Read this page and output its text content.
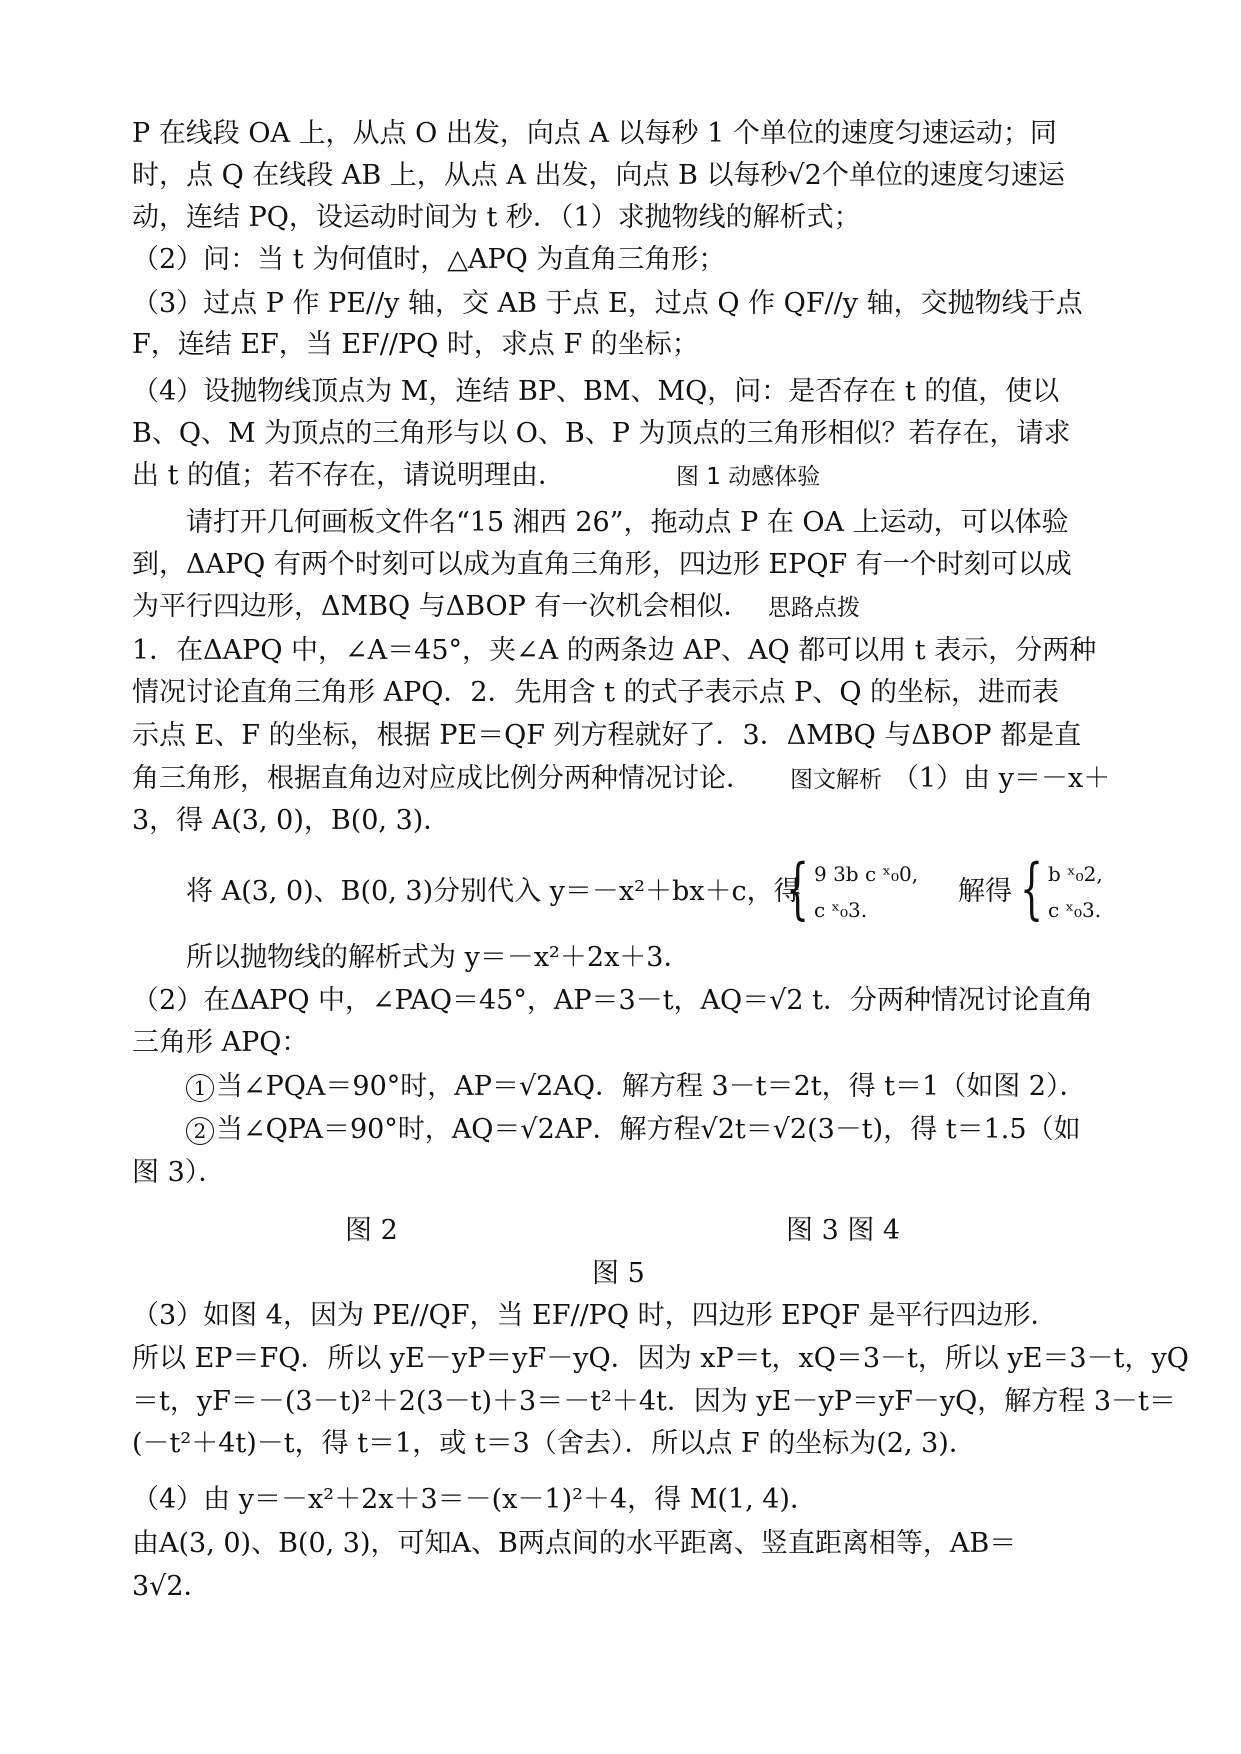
P 在线段 OA 上，从点 O 出发，向点 A 以每秒 1 个单位的速度匀速运动；同
时，点 Q 在线段 AB 上，从点 A 出发，向点 B 以每秒√2个单位的速度匀速运
动，连结 PQ，设运动时间为 t 秒．（1）求抛物线的解析式；
（2）问：当 t 为何值时，△APQ 为直角三角形；
（3）过点 P 作 PE//y 轴，交 AB 于点 E，过点 Q 作 QF//y 轴，交抛物线于点
F，连结 EF，当 EF//PQ 时，求点 F 的坐标；
（4）设抛物线顶点为 M，连结 BP、BM、MQ，问：是否存在 t 的值，使以
B、Q、M 为顶点的三角形与以 O、B、P 为顶点的三角形相似？若存在，请求
出 t 的值；若不存在，请说明理由．	图 1 动感体验
请打开几何画板文件名“15 湘西 26”，拖动点 P 在 OA 上运动，可以体验
到，ΔAPQ 有两个时刻可以成为直角三角形，四边形 EPQF 有一个时刻可以成
为平行四边形，ΔMBQ 与ΔBOP 有一次机会相似． 思路点拨
1．在ΔAPQ 中，∠A＝45°，夹∠A 的两条边 AP、AQ 都可以用 t 表示，分两种
情况讨论直角三角形 APQ．2．先用含 t 的式子表示点 P、Q 的坐标，进而表
示点 E、F 的坐标，根据 PE＝QF 列方程就好了．3．ΔMBQ 与ΔBOP 都是直
角三角形，根据直角边对应成比例分两种情况讨论． 图文解析 （1）由 y＝－x＋
3，得 A(3, 0)，B(0, 3)．
将 A(3, 0)、B(0, 3)分别代入 y＝－x²＋bx＋c，得
{ 9 3b c ˣ₀0,
c ˣ₀3.
解得 { b ˣ₀2,
c ˣ₀3.
所以抛物线的解析式为 y＝－x²＋2x＋3．
（2）在ΔAPQ 中，∠PAQ＝45°，AP＝3－t，AQ＝√2 t．分两种情况讨论直角
三角形 APQ：
1 当∠PQA＝90°时，AP＝√2AQ．解方程 3－t＝2t，得 t＝1（如图 2）．
2 当∠QPA＝90°时，AQ＝√2AP．解方程√2t＝√2(3－t)，得 t＝1.5（如
图 3）．
图 2	图 3 图 4
图 5
（3）如图 4，因为 PE//QF，当 EF//PQ 时，四边形 EPQF 是平行四边形．
所以 EP＝FQ．所以 yE－yP＝yF－yQ．因为 xP＝t，xQ＝3－t，所以 yE＝3－t，yQ
＝t，yF＝－(3－t)²＋2(3－t)＋3＝－t²＋4t．因为 yE－yP＝yF－yQ，解方程 3－t＝
(－t²＋4t)－t，得 t＝1，或 t＝3（舍去）．所以点 F 的坐标为(2, 3)．
（4）由 y＝－x²＋2x＋3＝－(x－1)²＋4，得 M(1, 4)．
由A(3, 0)、B(0, 3)，可知A、B两点间的水平距离、竖直距离相等，AB＝
3√2．
